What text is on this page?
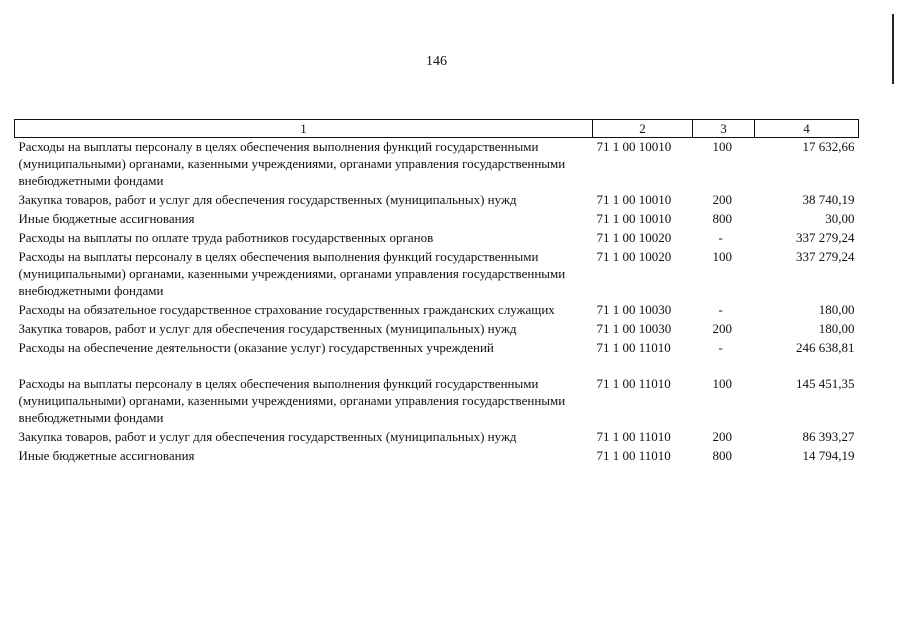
146
1	2	3	4
Расходы на выплаты персоналу в целях обеспечения выполнения функций государственными (муниципальными) органами, казенными учреждениями, органами управления государственными внебюджетными фондами	71 1 00 10010	100	17 632,66
Закупка товаров, работ и услуг для обеспечения государственных (муниципальных) нужд	71 1 00 10010	200	38 740,19
Иные бюджетные ассигнования	71 1 00 10010	800	30,00
Расходы на выплаты по оплате труда работников государственных органов	71 1 00 10020	-	337 279,24
Расходы на выплаты персоналу в целях обеспечения выполнения функций государственными (муниципальными) органами, казенными учреждениями, органами управления государственными внебюджетными фондами	71 1 00 10020	100	337 279,24
Расходы на обязательное государственное страхование государственных гражданских служащих	71 1 00 10030	-	180,00
Закупка товаров, работ и услуг для обеспечения государственных (муниципальных) нужд	71 1 00 10030	200	180,00
Расходы на обеспечение деятельности (оказание услуг) государственных учреждений	71 1 00 11010	-	246 638,81
Расходы на выплаты персоналу в целях обеспечения выполнения функций государственными (муниципальными) органами, казенными учреждениями, органами управления государственными внебюджетными фондами	71 1 00 11010	100	145 451,35
Закупка товаров, работ и услуг для обеспечения государственных (муниципальных) нужд	71 1 00 11010	200	86 393,27
Иные бюджетные ассигнования	71 1 00 11010	800	14 794,19
